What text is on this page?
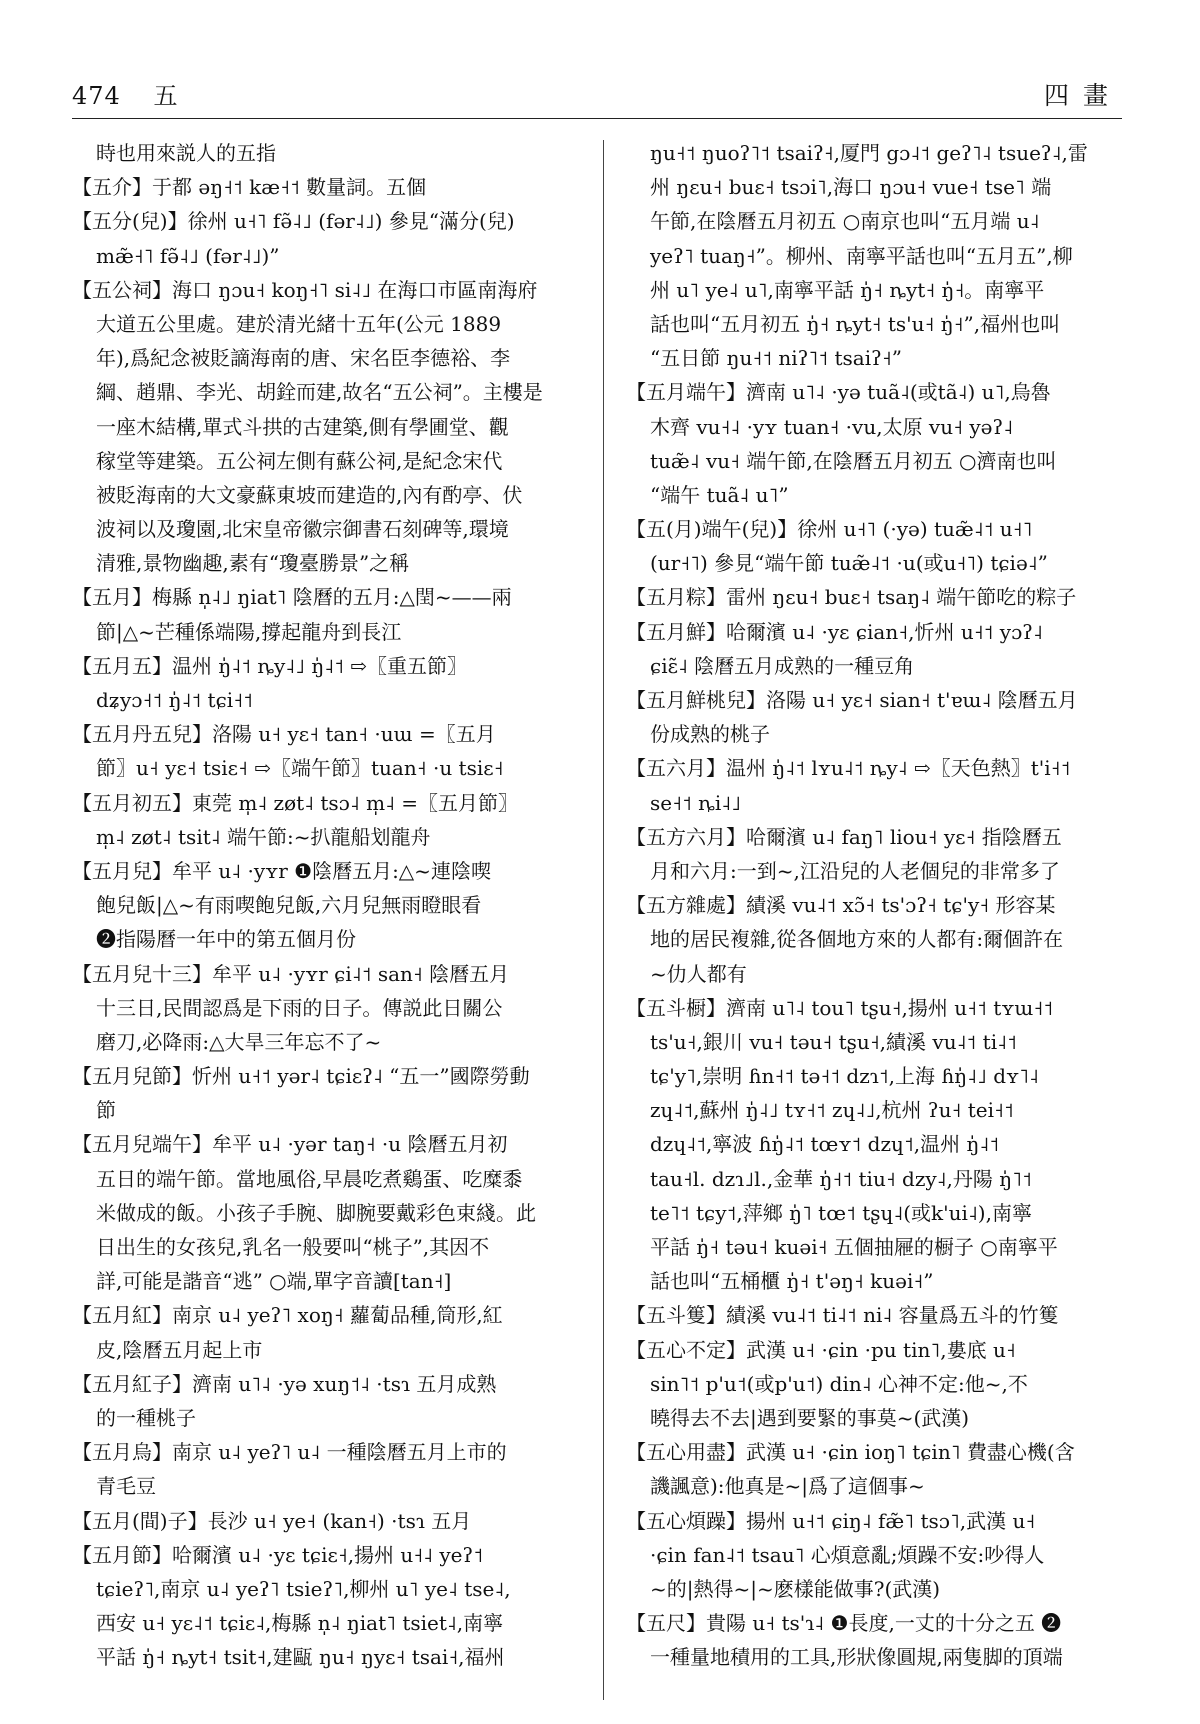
474 五	四畫
時也用來説人的五指
【五介】于都 əŋ˧˦ kæ˧˦ 數量詞。五個
【五分(兒)】徐州 u˧˥ fə̃˨˩ (fər˨˩) 參見“滿分(兒)
mæ̃˧˥ fə̃˨˩ (fər˨˩)”
【五公祠】海口 ŋɔu˧ koŋ˧˥ si˨˩ 在海口市區南海府
大道五公里處。建於清光緒十五年(公元 1889
年),爲紀念被貶謫海南的唐、宋名臣李德裕、李
綱、趙鼎、李光、胡銓而建,故名“五公祠”。主樓是
一座木結構,單式斗拱的古建築,側有學圃堂、觀
稼堂等建築。五公祠左側有蘇公祠,是紀念宋代
被貶海南的大文豪蘇東坡而建造的,內有酌亭、伏
波祠以及瓊園,北宋皇帝徽宗御書石刻碑等,環境
清雅,景物幽趣,素有“瓊臺勝景”之稱
【五月】梅縣 n̩˨˩ ŋiat˥ 陰曆的五月:△閏~——兩
節|△~芒種係端陽,撐起龍舟到長江
【五月五】温州 ŋ̍˨˦ ȵy˨˩ ŋ̍˨˦ ⇨〖重五節〗
dʑyɔ˧˦ ŋ̍˨˦ tɕi˧˦
【五月丹五兒】洛陽 u˧ yɛ˧ tan˧ ·uɯ =〖五月
節〗u˧ yɛ˧ tsiɛ˧ ⇨〖端午節〗tuan˧ ·u tsiɛ˧
【五月初五】東莞 m̩˨ zøt˨ tsɔ˨ m̩˨ =〖五月節〗
m̩˨ zøt˨ tsit˨ 端午節:~扒龍船划龍舟
【五月兒】牟平 u˨ ·yʏr ❶陰曆五月:△~連陰喫
飽兒飯|△~有雨喫飽兒飯,六月兒無雨瞪眼看
❷指陽曆一年中的第五個月份
【五月兒十三】牟平 u˨ ·yʏr ɕi˨˦ san˧ 陰曆五月
十三日,民間認爲是下雨的日子。傳説此日關公
磨刀,必降雨:△大旱三年忘不了~
【五月兒節】忻州 u˧˦ yər˨ tɕiɛʔ˨ “五一”國際勞動
節
【五月兒端午】牟平 u˨ ·yər taŋ˧ ·u 陰曆五月初
五日的端午節。當地風俗,早晨吃煮鷄蛋、吃糜黍
米做成的飯。小孩子手腕、脚腕要戴彩色束綫。此
日出生的女孩兒,乳名一般要叫“桃子”,其因不
詳,可能是諧音“逃” ○端,單字音讀[tan˧]
【五月紅】南京 u˨ yeʔ˥ xoŋ˧ 蘿蔔品種,筒形,紅
皮,陰曆五月起上市
【五月紅子】濟南 u˥˨ ·yə xuŋ˦˨ ·tsɿ 五月成熟
的一種桃子
【五月烏】南京 u˨ yeʔ˥ u˨ 一種陰曆五月上市的
青毛豆
【五月(間)子】長沙 u˧ ye˧ (kan˧) ·tsɿ 五月
【五月節】哈爾濱 u˨ ·yɛ tɕiɛ˧,揚州 u˧˨ yeʔ˦
tɕieʔ˥,南京 u˨ yeʔ˥ tsieʔ˥,柳州 u˥ ye˨ tse˨,
西安 u˧ yɛ˨˦ tɕiɛ˨,梅縣 n̩˨ ŋiat˥ tsiet˨,南寧
平話 ŋ̍˧ ȵyt˧ tsit˧,建甌 ŋu˧ ŋyɛ˧ tsai˧,福州
ŋu˧˦ ŋuoʔ˥˦ tsaiʔ˧,厦門 gɔ˨˦ geʔ˥˨ tsueʔ˨,雷
州 ŋɛu˧ buɛ˧ tsɔi˥,海口 ŋɔu˧ vue˧ tse˥ 端
午節,在陰曆五月初五 ○南京也叫“五月端 u˨
yeʔ˥ tuaŋ˧”。柳州、南寧平話也叫“五月五”,柳
州 u˥ ye˨ u˥,南寧平話 ŋ̍˧ ȵyt˧ ŋ̍˧。南寧平
話也叫“五月初五 ŋ̍˧ ȵyt˧ ts'u˧ ŋ̍˧”,福州也叫
“五日節 ŋu˧˦ niʔ˥˦ tsaiʔ˧”
【五月端午】濟南 u˥˨ ·yə tuã˨(或tã˨) u˥,烏魯
木齊 vu˧˨ ·yʏ tuan˧ ·vu,太原 vu˧ yəʔ˨
tuæ̃˨ vu˧ 端午節,在陰曆五月初五 ○濟南也叫
“端午 tuã˨ u˥”
【五(月)端午(兒)】徐州 u˧˥ (·yə) tuæ̃˨˦ u˧˥
(ur˧˥) 參見“端午節 tuæ̃˨˦ ·u(或u˧˥) tɕiə˨”
【五月粽】雷州 ŋɛu˧ buɛ˧ tsaŋ˨ 端午節吃的粽子
【五月鮮】哈爾濱 u˨ ·yɛ ɕian˧,忻州 u˧˦ yɔʔ˨
ɕiɛ̃˨ 陰曆五月成熟的一種豆角
【五月鮮桃兒】洛陽 u˧ yɛ˧ sian˧ t'ɐɯ˨ 陰曆五月
份成熟的桃子
【五六月】温州 ŋ̍˨˦ lʏu˨˦ ȵy˨ ⇨〖天色熱〗t'i˧˦
se˧˦ ȵi˨˩
【五方六月】哈爾濱 u˨ faŋ˥ liou˧ yɛ˧ 指陰曆五
月和六月:一到~,江沿兒的人老個兒的非常多了
【五方雜處】績溪 vu˨˦ xɔ̃˧ ts'ɔʔ˧ tɕ'y˧ 形容某
地的居民複雜,從各個地方來的人都有:爾個許在
~仂人都有
【五斗橱】濟南 u˥˨ tou˥ tʂu˧,揚州 u˧˦ tʏɯ˧˦
ts'u˧,銀川 vu˧ təu˧ tʂu˧,績溪 vu˨˦ ti˨˦
tɕ'y˥,崇明 ɦn˧˦ tə˧˦ dzɿ˦,上海 ɦŋ̍˨˩ dʏ˥˨
zɥ˨˦,蘇州 ŋ̍˨˩ tʏ˧˦ zɥ˨˩,杭州 ʔu˧ tei˧˦
dzɥ˨˦,寧波 ɦŋ̍˨˦ tœʏ˦ dzɥ˦,温州 ŋ̍˨˦
tau˧l. dzɿ˩l.,金華 ŋ̍˧˦ tiu˧ dzy˨,丹陽 ŋ̍˥˦
te˥˦ tɕy˦,萍鄉 ŋ̍˥ tœ˦ tʂɥ˨(或k'ui˨),南寧
平話 ŋ̍˧ təu˧ kuəi˧ 五個抽屜的橱子 ○南寧平
話也叫“五桶櫃 ŋ̍˧ t'əŋ˧ kuəi˧”
【五斗篗】績溪 vu˨˦ ti˨˦ ni˨ 容量爲五斗的竹篗
【五心不定】武漢 u˧ ·ɕin ·pu tin˥,婁底 u˧
sin˥˦ p'u˦(或p'u˦) din˨ 心神不定:他~,不
曉得去不去|遇到要緊的事莫~(武漢)
【五心用盡】武漢 u˧ ·ɕin ioŋ˥ tɕin˥ 費盡心機(含
譏諷意):他真是~|爲了這個事~
【五心煩躁】揚州 u˧˦ ɕiŋ˨ fæ̃˥ tsɔ˥,武漢 u˧
·ɕin fan˨˦ tsau˥ 心煩意亂;煩躁不安:吵得人
~的|熱得~|~麽樣能做事?(武漢)
【五尺】貴陽 u˧ ts'ɿ˨ ❶長度,一丈的十分之五 ❷
一種量地積用的工具,形狀像圓規,兩隻脚的頂端
